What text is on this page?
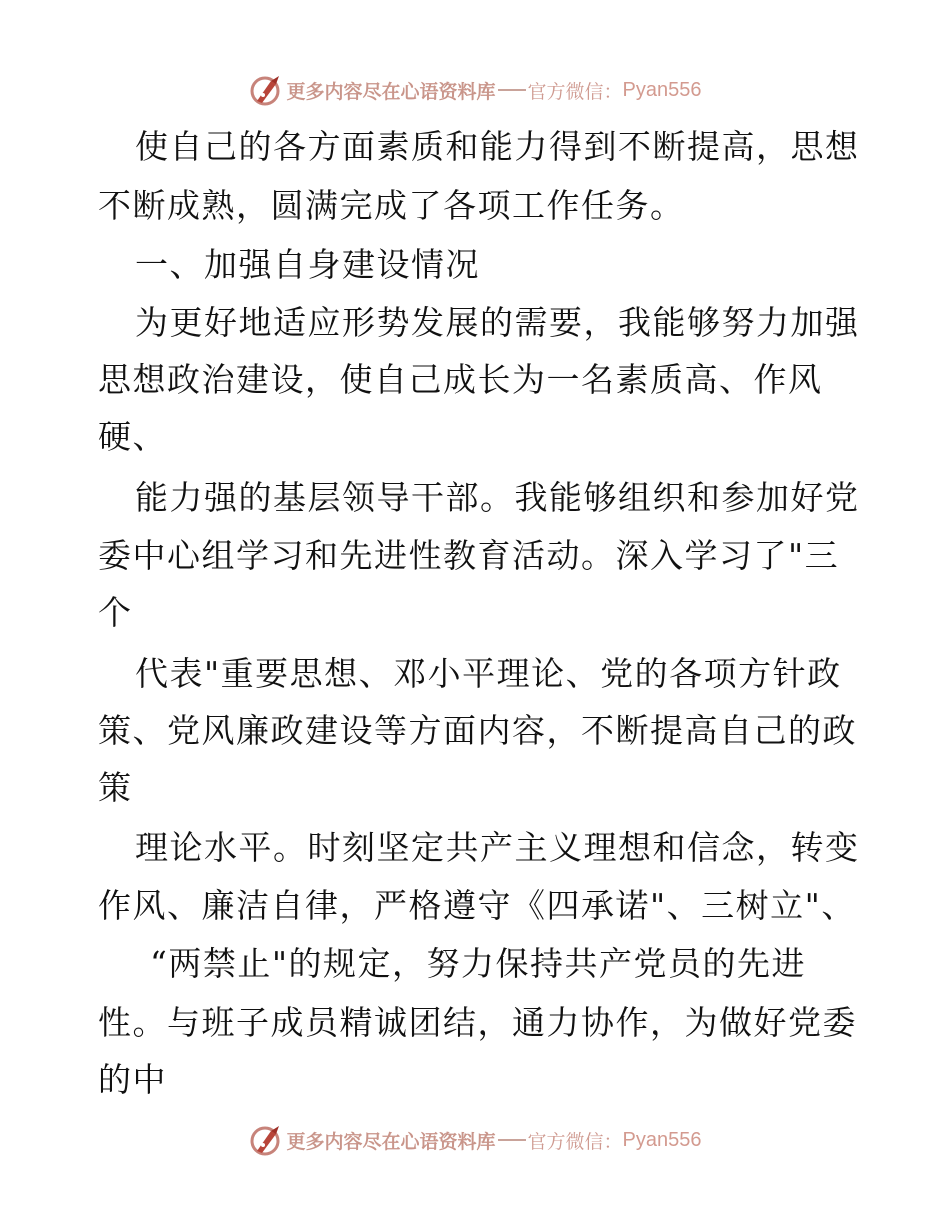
更多内容尽在心语资料库 官方微信： Pyan556
使自己的各方面素质和能力得到不断提高，思想
不断成熟，圆满完成了各项工作任务。
一、加强自身建设情况
为更好地适应形势发展的需要，我能够努力加强
思想政治建设，使自己成长为一名素质高、作风
硬、
能力强的基层领导干部。我能够组织和参加好党
委中心组学习和先进性教育活动。深入学习了"三
个
代表"重要思想、邓小平理论、党的各项方针政
策、党风廉政建设等方面内容，不断提高自己的政
策
理论水平。时刻坚定共产主义理想和信念，转变
作风、廉洁自律，严格遵守《四承诺"、三树立"、
“两禁止"的规定，努力保持共产党员的先进
性。与班子成员精诚团结，通力协作，为做好党委
的中
更多内容尽在心语资料库 官方微信： Pyan556
